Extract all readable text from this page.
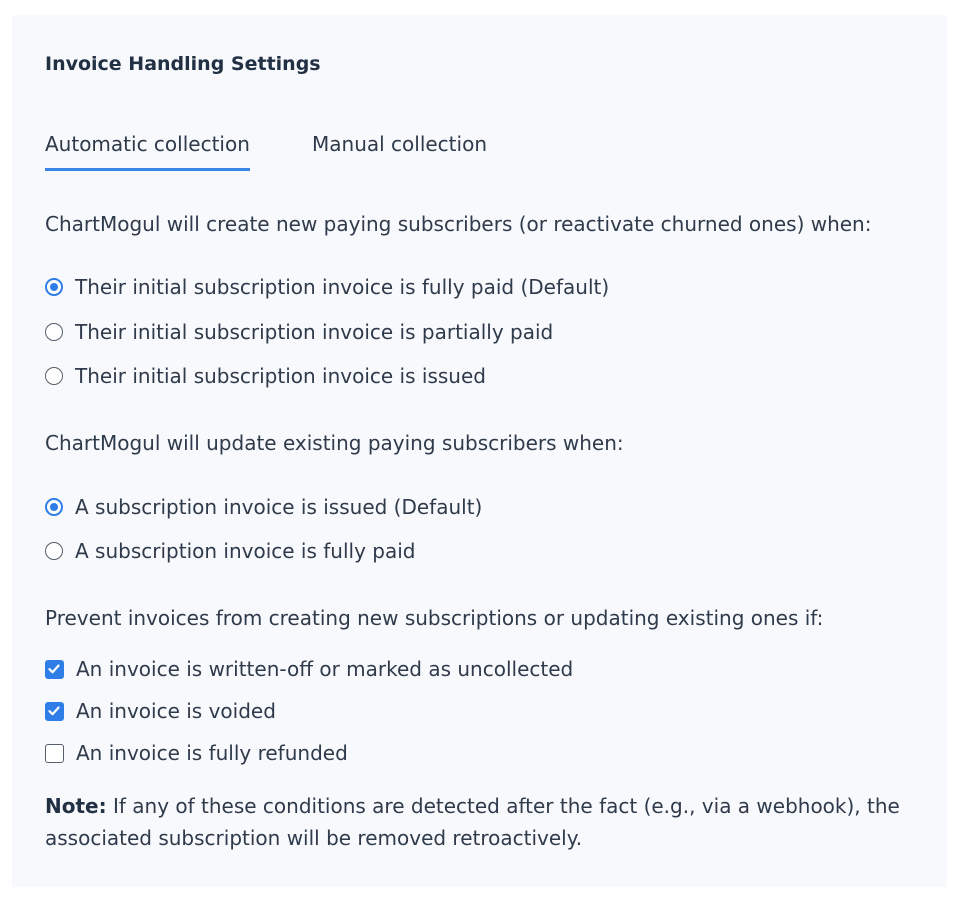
Invoice Handling Settings
Automatic collection	Manual collection
ChartMogul will create new paying subscribers (or reactivate churned ones) when:
Their initial subscription invoice is fully paid (Default)
Their initial subscription invoice is partially paid
Their initial subscription invoice is issued
ChartMogul will update existing paying subscribers when:
A subscription invoice is issued (Default)
A subscription invoice is fully paid
Prevent invoices from creating new subscriptions or updating existing ones if:
An invoice is written-off or marked as uncollected
An invoice is voided
An invoice is fully refunded
Note: If any of these conditions are detected after the fact (e.g., via a webhook), the associated subscription will be removed retroactively.
